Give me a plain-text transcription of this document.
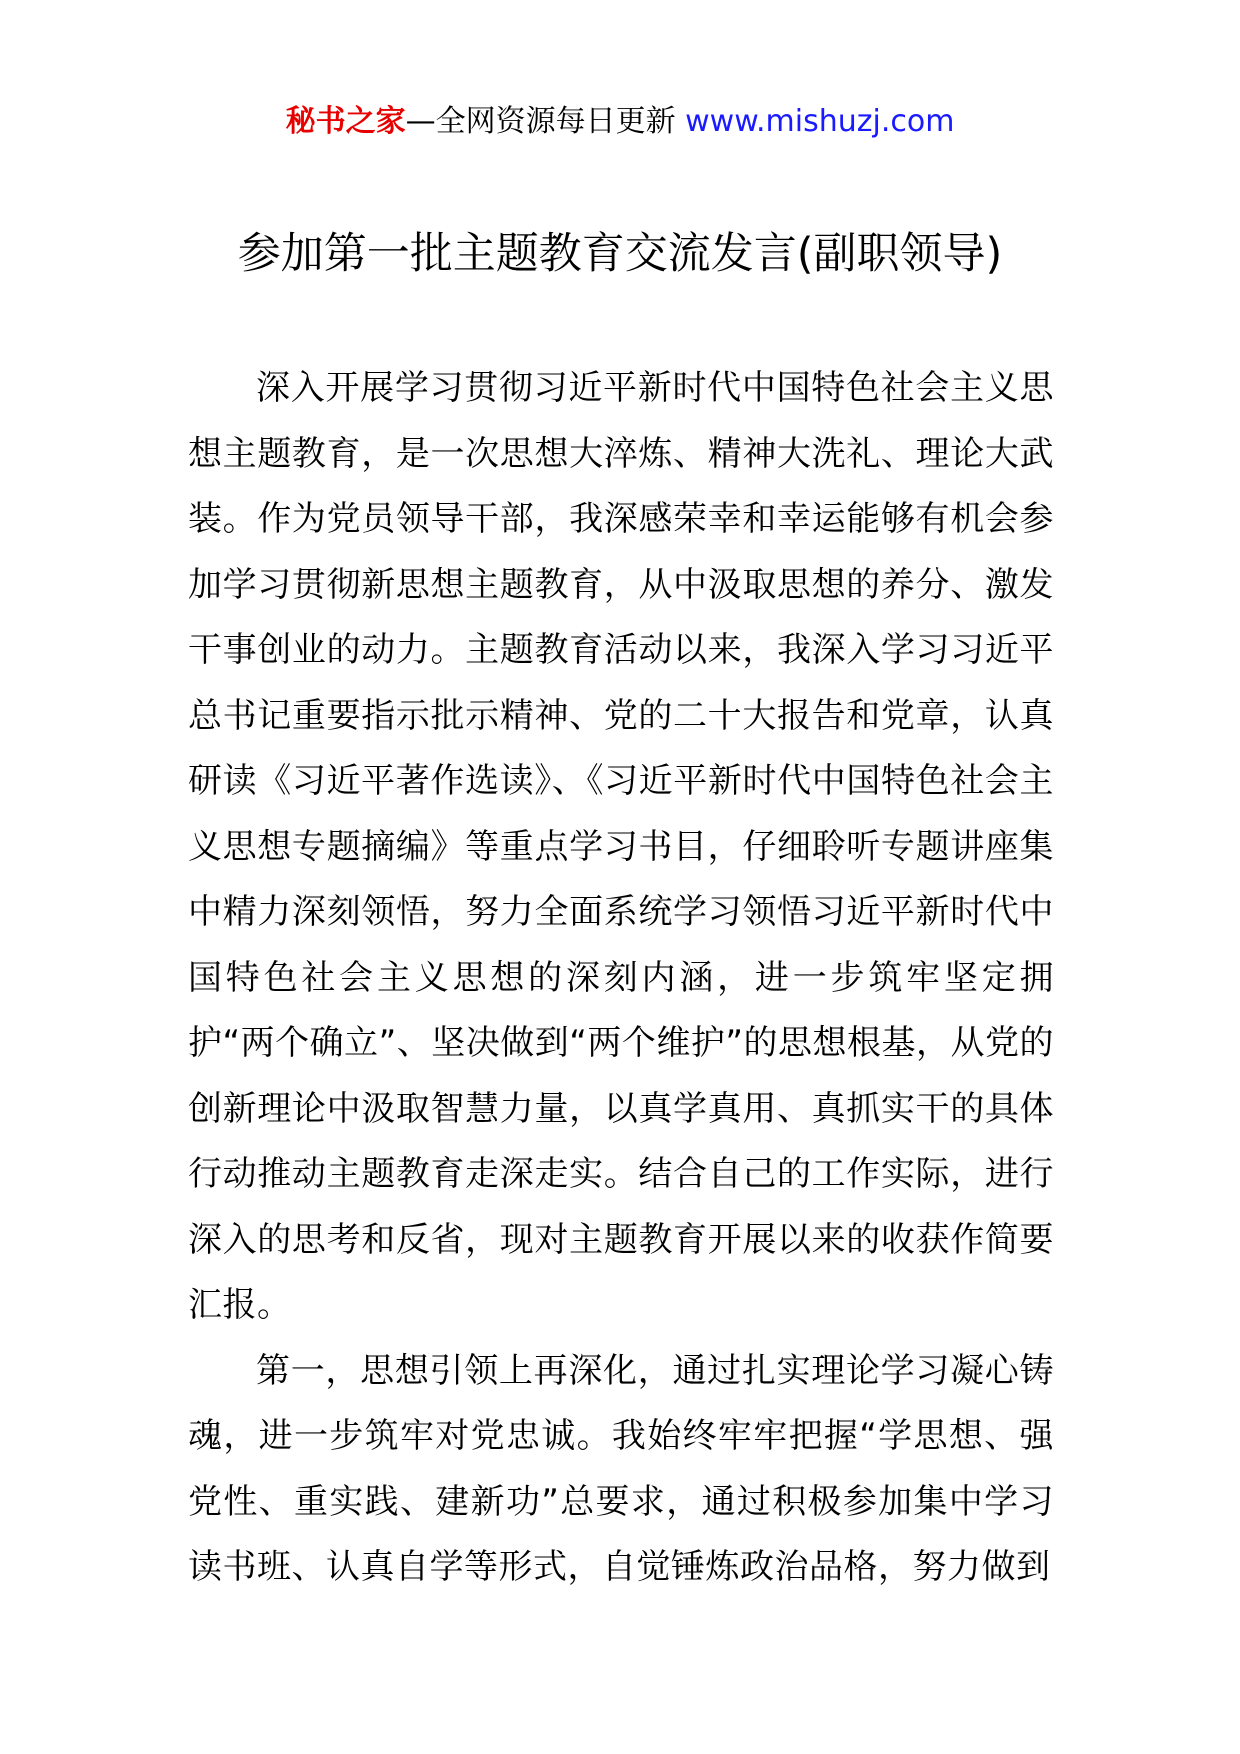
秘书之家—全网资源每日更新 www.mishuzj.com
参加第一批主题教育交流发言(副职领导)

深入开展学习贯彻习近平新时代中国特色社会主义思想主题教育，是一次思想大淬炼、精神大洗礼、理论大武装。作为党员领导干部，我深感荣幸和幸运能够有机会参加学习贯彻新思想主题教育，从中汲取思想的养分、激发干事创业的动力。主题教育活动以来，我深入学习习近平总书记重要指示批示精神、党的二十大报告和党章，认真研读《习近平著作选读》、《习近平新时代中国特色社会主义思想专题摘编》等重点学习书目，仔细聆听专题讲座集中精力深刻领悟，努力全面系统学习领悟习近平新时代中国特色社会主义思想的深刻内涵，进一步筑牢坚定拥护“两个确立”、坚决做到“两个维护”的思想根基，从党的创新理论中汲取智慧力量，以真学真用、真抓实干的具体行动推动主题教育走深走实。结合自己的工作实际，进行深入的思考和反省，现对主题教育开展以来的收获作简要汇报。

第一，思想引领上再深化，通过扎实理论学习凝心铸魂，进一步筑牢对党忠诚。我始终牢牢把握“学思想、强党性、重实践、建新功”总要求，通过积极参加集中学习读书班、认真自学等形式，自觉锤炼政治品格，努力做到
